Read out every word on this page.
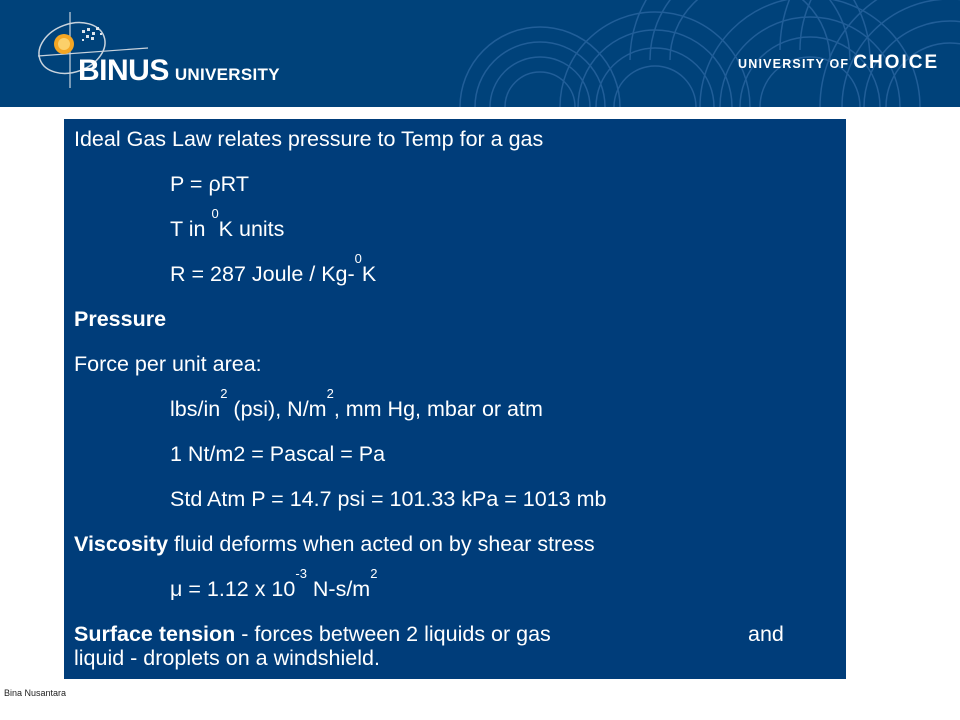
BINUS UNIVERSITY
UNIVERSITY OF CHOICE
Ideal Gas Law relates pressure to Temp for a gas
P = ρRT
T in $^0$K units
R = 287 Joule / Kg-$^0$K
Pressure
Force per unit area:
lbs/$in^2$ (psi), $N/m^2$, mm Hg, mbar or atm
1 Nt/m2 = Pascal = Pa
Std Atm P = 14.7 psi = 101.33 kPa = 1013 mb
Viscosity fluid deforms when acted on by shear stress
μ = 1.12 x $10^{-3}$ $N-s/m^2$
Surface tension - forces between 2 liquids or gas	and
liquid - droplets on a windshield.
Bina Nusantara
